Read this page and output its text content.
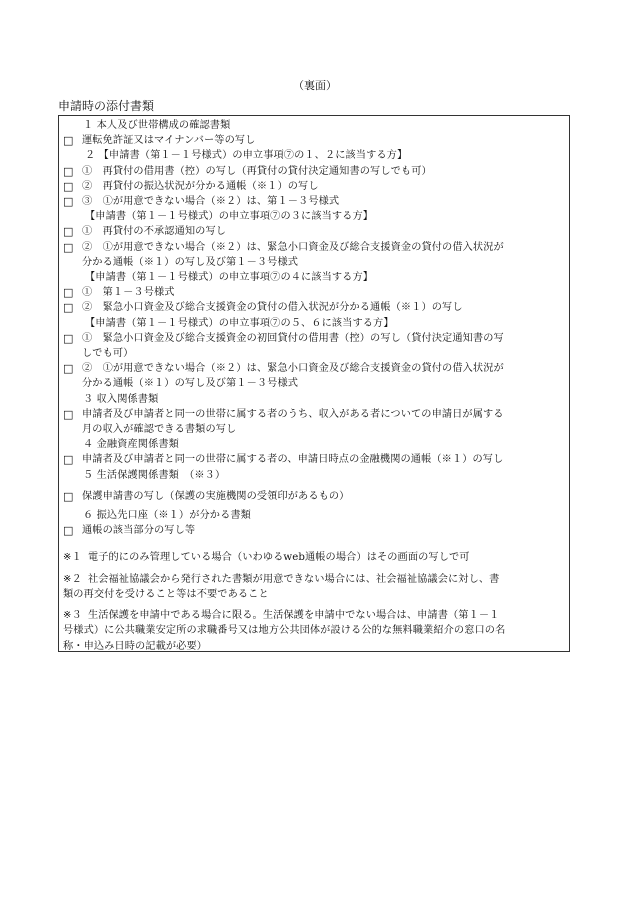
（裏面）
申請時の添付書類
１ 本人及び世帯構成の確認書類
□ 運転免許証又はマイナンバー等の写し
２ 【申請書（第１－１号様式）の申立事項⑦の１、２に該当する方】
□ ①　再貸付の借用書（控）の写し（再貸付の貸付決定通知書の写しでも可）
□ ②　再貸付の振込状況が分かる通帳（※１）の写し
□ ③　①が用意できない場合（※２）は、第１－３号様式
【申請書（第１－１号様式）の申立事項⑦の３に該当する方】
□ ①　再貸付の不承認通知の写し
□ ②　①が用意できない場合（※２）は、緊急小口資金及び総合支援資金の貸付の借入状況が
分かる通帳（※１）の写し及び第１－３号様式
【申請書（第１－１号様式）の申立事項⑦の４に該当する方】
□ ①　第１－３号様式
□ ②　緊急小口資金及び総合支援資金の貸付の借入状況が分かる通帳（※１）の写し
【申請書（第１－１号様式）の申立事項⑦の５、６に該当する方】
□ ①　緊急小口資金及び総合支援資金の初回貸付の借用書（控）の写し（貸付決定通知書の写
しでも可）
□ ②　①が用意できない場合（※２）は、緊急小口資金及び総合支援資金の貸付の借入状況が
分かる通帳（※１）の写し及び第１－３号様式
３ 収入関係書類
□ 申請者及び申請者と同一の世帯に属する者のうち、収入がある者についての申請日が属する
月の収入が確認できる書類の写し
４ 金融資産関係書類
□ 申請者及び申請者と同一の世帯に属する者の、申請日時点の金融機関の通帳（※１）の写し
５ 生活保護関係書類　（※３）
□ 保護申請書の写し（保護の実施機関の受領印があるもの）
６ 振込先口座（※１）が分かる書類
□ 通帳の該当部分の写し等
※１ 電子的にのみ管理している場合（いわゆるweb通帳の場合）はその画面の写しで可
※２ 社会福祉協議会から発行された書類が用意できない場合には、社会福祉協議会に対し、書
類の再交付を受けること等は不要であること
※３ 生活保護を申請中である場合に限る。生活保護を申請中でない場合は、申請書（第１－１
号様式）に公共職業安定所の求職番号又は地方公共団体が設ける公的な無料職業紹介の窓口の名
称・申込み日時の記載が必要）
